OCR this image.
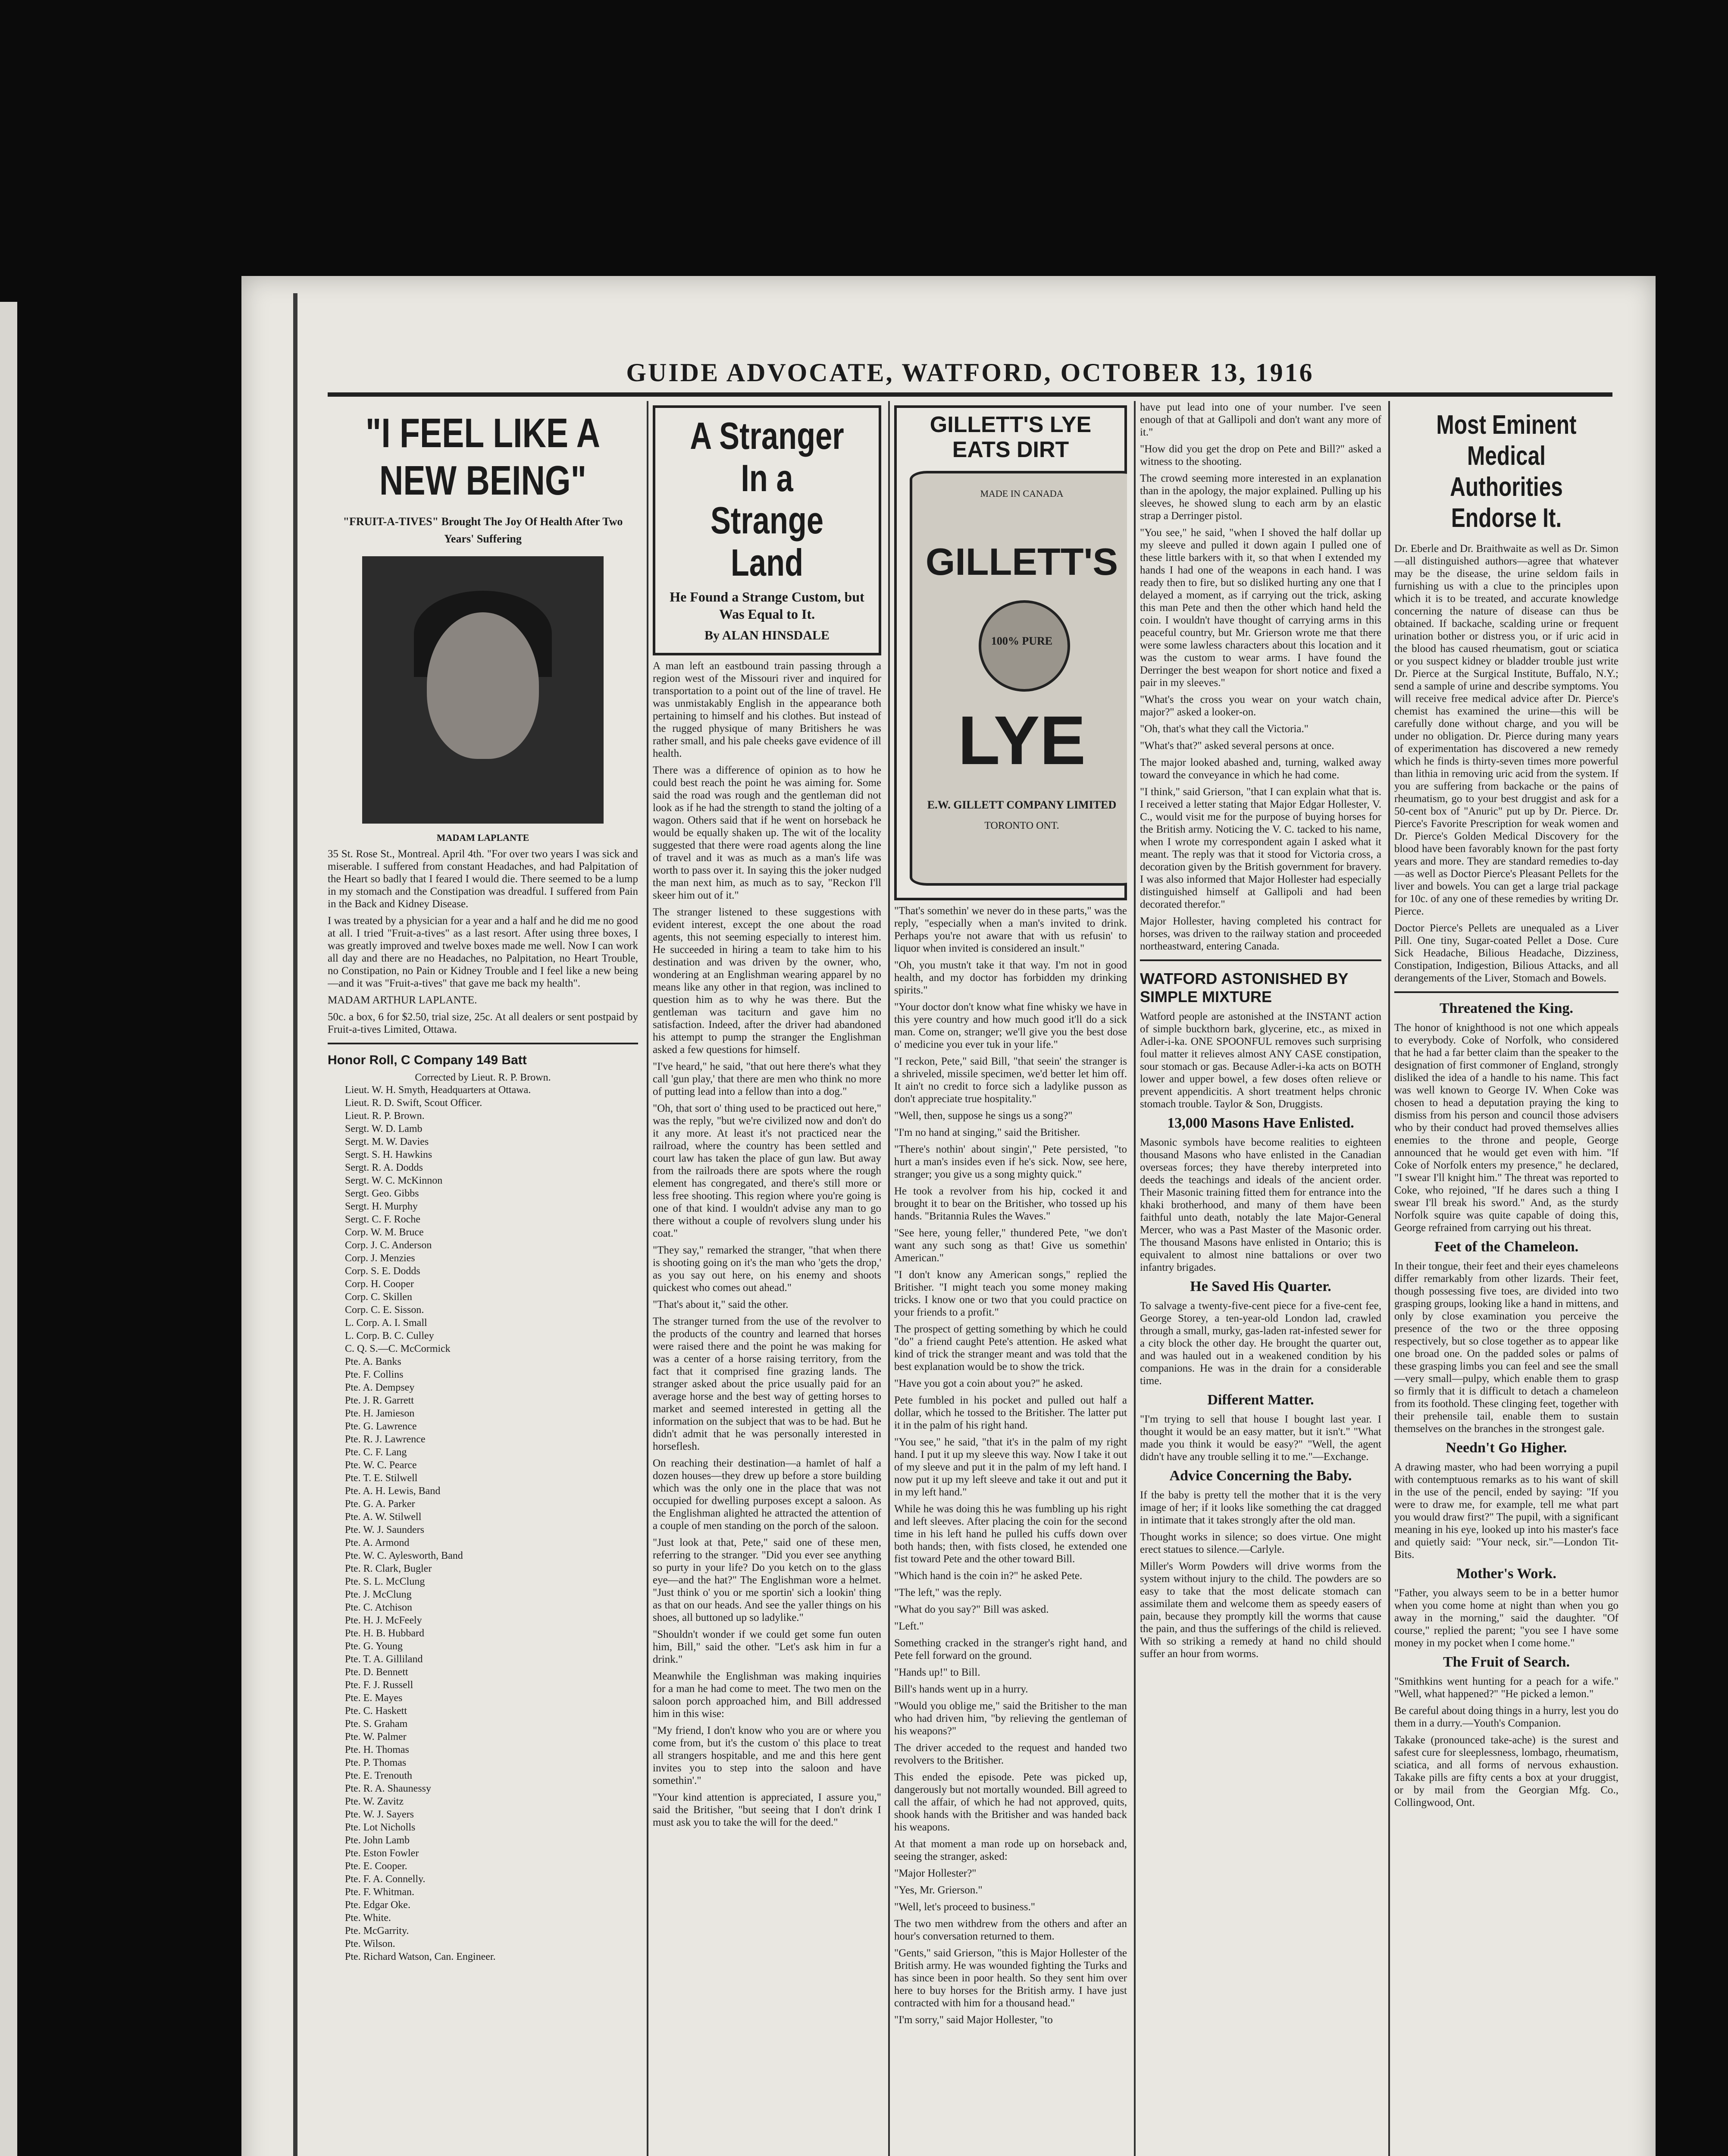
GUIDE ADVOCATE, WATFORD, OCTOBER 13, 1916
"I FEEL LIKE A NEW BEING"
"FRUIT-A-TIVES" Brought The Joy Of Health After Two Years' Suffering
MADAM LAPLANTE

35 St. Rose St., Montreal. April 4th. "For over two years I was sick and miserable. I suffered from constant Headaches, and had Palpitation of the Heart so badly that I feared I would die. There seemed to be a lump in my stomach and the Constipation was dreadful. I suffered from Pain in the Back and Kidney Disease.

I was treated by a physician for a year and a half and he did me no good at all. I tried "Fruit-a-tives" as a last resort. After using three boxes, I was greatly improved and twelve boxes made me well. Now I can work all day and there are no Headaches, no Palpitation, no Heart Trouble, no Constipation, no Pain or Kidney Trouble and I feel like a new being—and it was "Fruit-a-tives" that gave me back my health".

MADAM ARTHUR LAPLANTE.

50c. a box, 6 for $2.50, trial size, 25c. At all dealers or sent postpaid by Fruit-a-tives Limited, Ottawa.

Honor Roll, C Company 149 Batt
Corrected by Lieut. R. P. Brown.
Lieut. W. H. Smyth, Headquarters at Ottawa.
Lieut. R. D. Swift, Scout Officer.
Lieut. R. P. Brown.
Sergt. W. D. Lamb
Sergt. M. W. Davies
Sergt. S. H. Hawkins
Sergt. R. A. Dodds
Sergt. W. C. McKinnon
Sergt. Geo. Gibbs
Sergt. H. Murphy
Sergt. C. F. Roche
Corp. W. M. Bruce
Corp. J. C. Anderson
Corp. J. Menzies
Corp. S. E. Dodds
Corp. H. Cooper
Corp. C. Skillen
Corp. C. E. Sisson.
L. Corp. A. I. Small
L. Corp. B. C. Culley
C. Q. S.—C. McCormick
Pte. A. Banks
Pte. F. Collins
Pte. A. Dempsey
Pte. J. R. Garrett
Pte. H. Jamieson
Pte. G. Lawrence
Pte. R. J. Lawrence
Pte. C. F. Lang
Pte. W. C. Pearce
Pte. T. E. Stilwell
Pte. A. H. Lewis, Band
Pte. G. A. Parker
Pte. A. W. Stilwell
Pte. W. J. Saunders
Pte. A. Armond
Pte. W. C. Aylesworth, Band
Pte. R. Clark, Bugler
Pte. S. L. McClung
Pte. J. McClung
Pte. C. Atchison
Pte. H. J. McFeely
Pte. H. B. Hubbard
Pte. G. Young
Pte. T. A. Gilliland
Pte. D. Bennett
Pte. F. J. Russell
Pte. E. Mayes
Pte. C. Haskett
Pte. S. Graham
Pte. W. Palmer
Pte. H. Thomas
Pte. P. Thomas
Pte. E. Trenouth
Pte. R. A. Shaunessy
Pte. W. Zavitz
Pte. W. J. Sayers
Pte. Lot Nicholls
Pte. John Lamb
Pte. Eston Fowler
Pte. E. Cooper.
Pte. F. A. Connelly.
Pte. F. Whitman.
Pte. Edgar Oke.
Pte. White.
Pte. McGarrity.
Pte. Wilson.
Pte. Richard Watson, Can. Engineer.
A Stranger In a Strange Land
He Found a Strange Custom, but Was Equal to It.
By ALAN HINSDALE

A man left an eastbound train passing through a region west of the Missouri river and inquired for transportation to a point out of the line of travel. He was unmistakably English in the appearance both pertaining to himself and his clothes. But instead of the rugged physique of many Britishers he was rather small, and his pale cheeks gave evidence of ill health.

There was a difference of opinion as to how he could best reach the point he was aiming for. Some said the road was rough and the gentleman did not look as if he had the strength to stand the jolting of a wagon. Others said that if he went on horseback he would be equally shaken up. The wit of the locality suggested that there were road agents along the line of travel and it was as much as a man's life was worth to pass over it. In saying this the joker nudged the man next him, as much as to say, "Reckon I'll skeer him out of it."

The stranger listened to these suggestions with evident interest, except the one about the road agents, this not seeming especially to interest him. He succeeded in hiring a team to take him to his destination and was driven by the owner, who, wondering at an Englishman wearing apparel by no means like any other in that region, was inclined to question him as to why he was there. But the gentleman was taciturn and gave him no satisfaction. Indeed, after the driver had abandoned his attempt to pump the stranger the Englishman asked a few questions for himself.

"I've heard," he said, "that out here there's what they call 'gun play,' that there are men who think no more of putting lead into a fellow than into a dog."

"Oh, that sort o' thing used to be practiced out here," was the reply, "but we're civilized now and don't do it any more. At least it's not practiced near the railroad, where the country has been settled and court law has taken the place of gun law. But away from the railroads there are spots where the rough element has congregated, and there's still more or less free shooting. This region where you're going is one of that kind. I wouldn't advise any man to go there without a couple of revolvers slung under his coat."

"They say," remarked the stranger, "that when there is shooting going on it's the man who 'gets the drop,' as you say out here, on his enemy and shoots quickest who comes out ahead."

"That's about it," said the other.

The stranger turned from the use of the revolver to the products of the country and learned that horses were raised there and the point he was making for was a center of a horse raising territory, from the fact that it comprised fine grazing lands. The stranger asked about the price usually paid for an average horse and the best way of getting horses to market and seemed interested in getting all the information on the subject that was to be had. But he didn't admit that he was personally interested in horseflesh.

On reaching their destination—a hamlet of half a dozen houses—they drew up before a store building which was the only one in the place that was not occupied for dwelling purposes except a saloon. As the Englishman alighted he attracted the attention of a couple of men standing on the porch of the saloon.

"Just look at that, Pete," said one of these men, referring to the stranger. "Did you ever see anything so purty in your life? Do you ketch on to the glass eye—and the hat?" The Englishman wore a helmet. "Just think o' you or me sportin' sich a lookin' thing as that on our heads. And see the yaller things on his shoes, all buttoned up so ladylike."

"Shouldn't wonder if we could get some fun outen him, Bill," said the other. "Let's ask him in fur a drink."

Meanwhile the Englishman was making inquiries for a man he had come to meet. The two men on the saloon porch approached him, and Bill addressed him in this wise:

"My friend, I don't know who you are or where you come from, but it's the custom o' this place to treat all strangers hospitable, and me and this here gent invites you to step into the saloon and have somethin'."

"Your kind attention is appreciated, I assure you," said the Britisher, "but seeing that I don't drink I must ask you to take the will for the deed."

GILLETT'S LYE EATS DIRT
MADE IN CANADA
GILLETT'S
100% PURE
LYE
E.W. GILLETT COMPANY LIMITED
TORONTO ONT.

"That's somethin' we never do in these parts," was the reply, "especially when a man's invited to drink. Perhaps you're not aware that with us refusin' to liquor when invited is considered an insult."

"Oh, you mustn't take it that way. I'm not in good health, and my doctor has forbidden my drinking spirits."

"Your doctor don't know what fine whisky we have in this yere country and how much good it'll do a sick man. Come on, stranger; we'll give you the best dose o' medicine you ever tuk in your life."

"I reckon, Pete," said Bill, "that seein' the stranger is a shriveled, missile specimen, we'd better let him off. It ain't no credit to force sich a ladylike pusson as don't appreciate true hospitality."

"Well, then, suppose he sings us a song?"

"I'm no hand at singing," said the Britisher.

"There's nothin' about singin'," Pete persisted, "to hurt a man's insides even if he's sick. Now, see here, stranger; you give us a song mighty quick."

He took a revolver from his hip, cocked it and brought it to bear on the Britisher, who tossed up his hands. "Britannia Rules the Waves."

"See here, young feller," thundered Pete, "we don't want any such song as that! Give us somethin' American."

"I don't know any American songs," replied the Britisher. "I might teach you some money making tricks. I know one or two that you could practice on your friends to a profit."

The prospect of getting something by which he could "do" a friend caught Pete's attention. He asked what kind of trick the stranger meant and was told that the best explanation would be to show the trick.

"Have you got a coin about you?" he asked.

Pete fumbled in his pocket and pulled out half a dollar, which he tossed to the Britisher. The latter put it in the palm of his right hand.

"You see," he said, "that it's in the palm of my right hand. I put it up my sleeve this way. Now I take it out of my sleeve and put it in the palm of my left hand. I now put it up my left sleeve and take it out and put it in my left hand."

While he was doing this he was fumbling up his right and left sleeves. After placing the coin for the second time in his left hand he pulled his cuffs down over both hands; then, with fists closed, he extended one fist toward Pete and the other toward Bill.

"Which hand is the coin in?" he asked Pete.

"The left," was the reply.

"What do you say?" Bill was asked.

"Left."

Something cracked in the stranger's right hand, and Pete fell forward on the ground.

"Hands up!" to Bill.

Bill's hands went up in a hurry.

"Would you oblige me," said the Britisher to the man who had driven him, "by relieving the gentleman of his weapons?"

The driver acceded to the request and handed two revolvers to the Britisher.

This ended the episode. Pete was picked up, dangerously but not mortally wounded. Bill agreed to call the affair, of which he had not approved, quits, shook hands with the Britisher and was handed back his weapons.

At that moment a man rode up on horseback and, seeing the stranger, asked:

"Major Hollester?"

"Yes, Mr. Grierson."

"Well, let's proceed to business."

The two men withdrew from the others and after an hour's conversation returned to them.

"Gents," said Grierson, "this is Major Hollester of the British army. He was wounded fighting the Turks and has since been in poor health. So they sent him over here to buy horses for the British army. I have just contracted with him for a thousand head."

"I'm sorry," said Major Hollester, "to

have put lead into one of your number. I've seen enough of that at Gallipoli and don't want any more of it."

"How did you get the drop on Pete and Bill?" asked a witness to the shooting.

The crowd seeming more interested in an explanation than in the apology, the major explained. Pulling up his sleeves, he showed slung to each arm by an elastic strap a Derringer pistol.

"You see," he said, "when I shoved the half dollar up my sleeve and pulled it down again I pulled one of these little barkers with it, so that when I extended my hands I had one of the weapons in each hand. I was ready then to fire, but so disliked hurting any one that I delayed a moment, as if carrying out the trick, asking this man Pete and then the other which hand held the coin. I wouldn't have thought of carrying arms in this peaceful country, but Mr. Grierson wrote me that there were some lawless characters about this location and it was the custom to wear arms. I have found the Derringer the best weapon for short notice and fixed a pair in my sleeves."

"What's the cross you wear on your watch chain, major?" asked a looker-on.

"Oh, that's what they call the Victoria."

"What's that?" asked several persons at once.

The major looked abashed and, turning, walked away toward the conveyance in which he had come.

"I think," said Grierson, "that I can explain what that is. I received a letter stating that Major Edgar Hollester, V. C., would visit me for the purpose of buying horses for the British army. Noticing the V. C. tacked to his name, when I wrote my correspondent again I asked what it meant. The reply was that it stood for Victoria cross, a decoration given by the British government for bravery. I was also informed that Major Hollester had especially distinguished himself at Gallipoli and had been decorated therefor."

Major Hollester, having completed his contract for horses, was driven to the railway station and proceeded northeastward, entering Canada.

WATFORD ASTONISHED BY SIMPLE MIXTURE

Watford people are astonished at the INSTANT action of simple buckthorn bark, glycerine, etc., as mixed in Adler-i-ka. ONE SPOONFUL removes such surprising foul matter it relieves almost ANY CASE constipation, sour stomach or gas. Because Adler-i-ka acts on BOTH lower and upper bowel, a few doses often relieve or prevent appendicitis. A short treatment helps chronic stomach trouble. Taylor & Son, Druggists.

13,000 Masons Have Enlisted.

Masonic symbols have become realities to eighteen thousand Masons who have enlisted in the Canadian overseas forces; they have thereby interpreted into deeds the teachings and ideals of the ancient order. Their Masonic training fitted them for entrance into the khaki brotherhood, and many of them have been faithful unto death, notably the late Major-General Mercer, who was a Past Master of the Masonic order. The thousand Masons have enlisted in Ontario; this is equivalent to almost nine battalions or over two infantry brigades.

He Saved His Quarter.

To salvage a twenty-five-cent piece for a five-cent fee, George Storey, a ten-year-old London lad, crawled through a small, murky, gas-laden rat-infested sewer for a city block the other day. He brought the quarter out, and was hauled out in a weakened condition by his companions. He was in the drain for a considerable time.

Different Matter.

"I'm trying to sell that house I bought last year. I thought it would be an easy matter, but it isn't." "What made you think it would be easy?" "Well, the agent didn't have any trouble selling it to me."—Exchange.

Advice Concerning the Baby.

If the baby is pretty tell the mother that it is the very image of her; if it looks like something the cat dragged in intimate that it takes strongly after the old man.

Thought works in silence; so does virtue. One might erect statues to silence.—Carlyle.

Miller's Worm Powders will drive worms from the system without injury to the child. The powders are so easy to take that the most delicate stomach can assimilate them and welcome them as speedy easers of pain, because they promptly kill the worms that cause the pain, and thus the sufferings of the child is relieved. With so striking a remedy at hand no child should suffer an hour from worms.

Most Eminent Medical Authorities Endorse It.

Dr. Eberle and Dr. Braithwaite as well as Dr. Simon—all distinguished authors—agree that whatever may be the disease, the urine seldom fails in furnishing us with a clue to the principles upon which it is to be treated, and accurate knowledge concerning the nature of disease can thus be obtained. If backache, scalding urine or frequent urination bother or distress you, or if uric acid in the blood has caused rheumatism, gout or sciatica or you suspect kidney or bladder trouble just write Dr. Pierce at the Surgical Institute, Buffalo, N.Y.; send a sample of urine and describe symptoms. You will receive free medical advice after Dr. Pierce's chemist has examined the urine—this will be carefully done without charge, and you will be under no obligation. Dr. Pierce during many years of experimentation has discovered a new remedy which he finds is thirty-seven times more powerful than lithia in removing uric acid from the system. If you are suffering from backache or the pains of rheumatism, go to your best druggist and ask for a 50-cent box of "Anuric" put up by Dr. Pierce. Dr. Pierce's Favorite Prescription for weak women and Dr. Pierce's Golden Medical Discovery for the blood have been favorably known for the past forty years and more. They are standard remedies to-day—as well as Doctor Pierce's Pleasant Pellets for the liver and bowels. You can get a large trial package for 10c. of any one of these remedies by writing Dr. Pierce.

Doctor Pierce's Pellets are unequaled as a Liver Pill. One tiny, Sugar-coated Pellet a Dose. Cure Sick Headache, Bilious Headache, Dizziness, Constipation, Indigestion, Bilious Attacks, and all derangements of the Liver, Stomach and Bowels.

Threatened the King.

The honor of knighthood is not one which appeals to everybody. Coke of Norfolk, who considered that he had a far better claim than the speaker to the designation of first commoner of England, strongly disliked the idea of a handle to his name. This fact was well known to George IV. When Coke was chosen to head a deputation praying the king to dismiss from his person and council those advisers who by their conduct had proved themselves allies enemies to the throne and people, George announced that he would get even with him. "If Coke of Norfolk enters my presence," he declared, "I swear I'll knight him." The threat was reported to Coke, who rejoined, "If he dares such a thing I swear I'll break his sword." And, as the sturdy Norfolk squire was quite capable of doing this, George refrained from carrying out his threat.

Feet of the Chameleon.

In their tongue, their feet and their eyes chameleons differ remarkably from other lizards. Their feet, though possessing five toes, are divided into two grasping groups, looking like a hand in mittens, and only by close examination you perceive the presence of the two or the three opposing respectively, but so close together as to appear like one broad one. On the padded soles or palms of these grasping limbs you can feel and see the small—very small—pulpy, which enable them to grasp so firmly that it is difficult to detach a chameleon from its foothold. These clinging feet, together with their prehensile tail, enable them to sustain themselves on the branches in the strongest gale.

Needn't Go Higher.

A drawing master, who had been worrying a pupil with contemptuous remarks as to his want of skill in the use of the pencil, ended by saying: "If you were to draw me, for example, tell me what part you would draw first?" The pupil, with a significant meaning in his eye, looked up into his master's face and quietly said: "Your neck, sir."—London Tit-Bits.

Mother's Work.

"Father, you always seem to be in a better humor when you come home at night than when you go away in the morning," said the daughter. "Of course," replied the parent; "you see I have some money in my pocket when I come home."

The Fruit of Search.

"Smithkins went hunting for a peach for a wife." "Well, what happened?" "He picked a lemon."

Be careful about doing things in a hurry, lest you do them in a durry.—Youth's Companion.

Takake (pronounced take-ache) is the surest and safest cure for sleeplessness, lombago, rheumatism, sciatica, and all forms of nervous exhaustion. Takake pills are fifty cents a box at your druggist, or by mail from the Georgian Mfg. Co., Collingwood, Ont.
